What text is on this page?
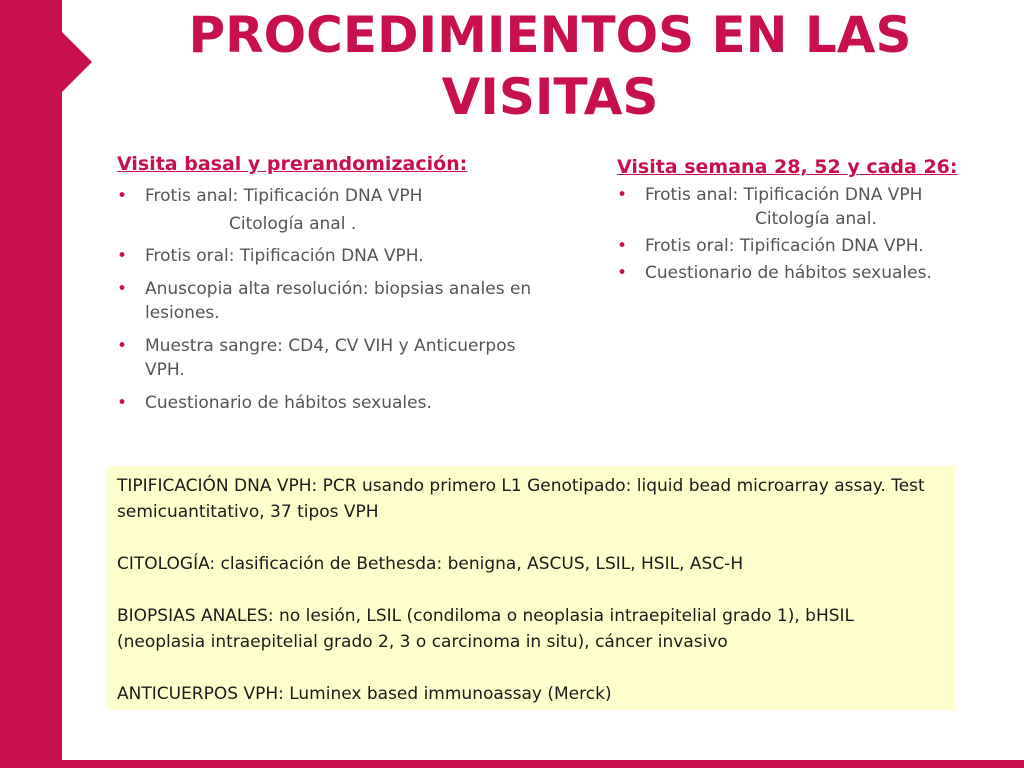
PROCEDIMIENTOS EN LAS
VISITAS
Visita basal y prerandomización:
• Frotis anal: Tipificación DNA VPH
Citología anal .
• Frotis oral: Tipificación DNA VPH.
• Anuscopia alta resolución: biopsias anales en lesiones.
• Muestra sangre: CD4, CV VIH y Anticuerpos VPH.
• Cuestionario de hábitos sexuales.
Visita semana 28, 52 y cada 26:
• Frotis anal: Tipificación DNA VPH
Citología anal.
• Frotis oral: Tipificación DNA VPH.
• Cuestionario de hábitos sexuales.

TIPIFICACIÓN DNA VPH: PCR usando primero L1 Genotipado: liquid bead microarray assay. Test semicuantitativo, 37 tipos VPH

CITOLOGÍA: clasificación de Bethesda: benigna, ASCUS, LSIL, HSIL, ASC-H

BIOPSIAS ANALES: no lesión, LSIL (condiloma o neoplasia intraepitelial grado 1), bHSIL (neoplasia intraepitelial grado 2, 3 o carcinoma in situ), cáncer invasivo

ANTICUERPOS VPH: Luminex based immunoassay (Merck)
